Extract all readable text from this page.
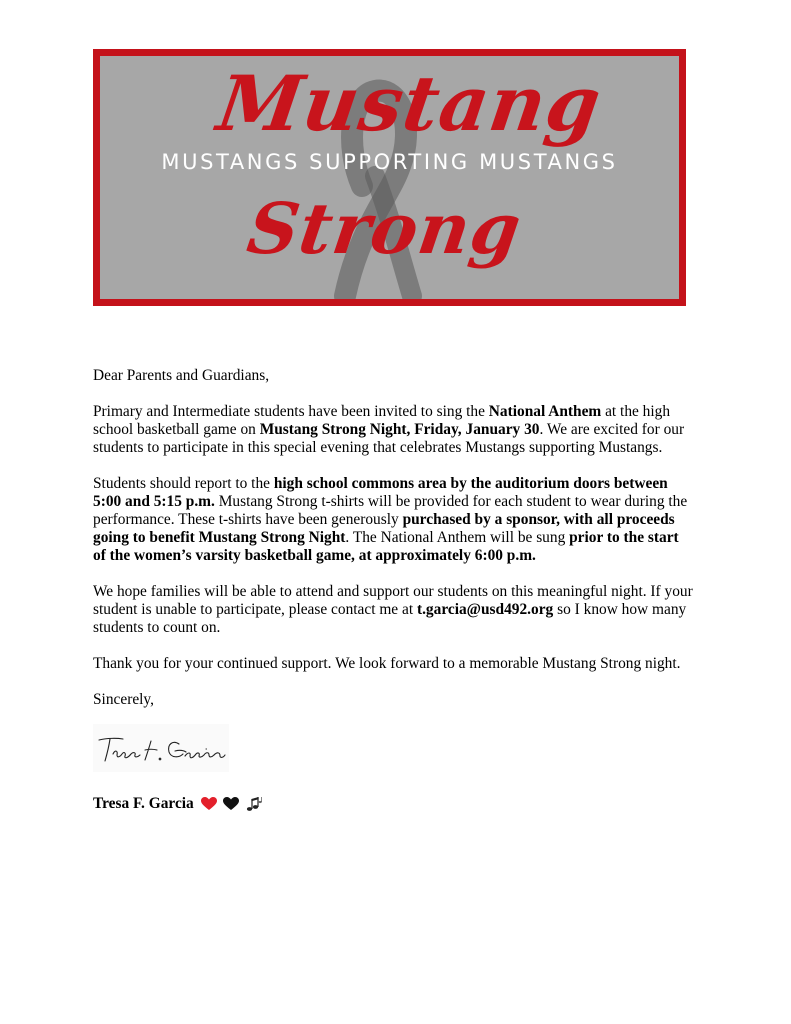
Mustang
MUSTANGS SUPPORTING MUSTANGS
Strong

Dear Parents and Guardians,

Primary and Intermediate students have been invited to sing the National Anthem at the high school basketball game on Mustang Strong Night, Friday, January 30. We are excited for our students to participate in this special evening that celebrates Mustangs supporting Mustangs.

Students should report to the high school commons area by the auditorium doors between 5:00 and 5:15 p.m. Mustang Strong t-shirts will be provided for each student to wear during the performance. These t-shirts have been generously purchased by a sponsor, with all proceeds going to benefit Mustang Strong Night. The National Anthem will be sung prior to the start of the women’s varsity basketball game, at approximately 6:00 p.m.

We hope families will be able to attend and support our students on this meaningful night. If your student is unable to participate, please contact me at t.garcia@usd492.org so I know how many students to count on.

Thank you for your continued support. We look forward to a memorable Mustang Strong night.

Sincerely,

Tresa F. Garcia
